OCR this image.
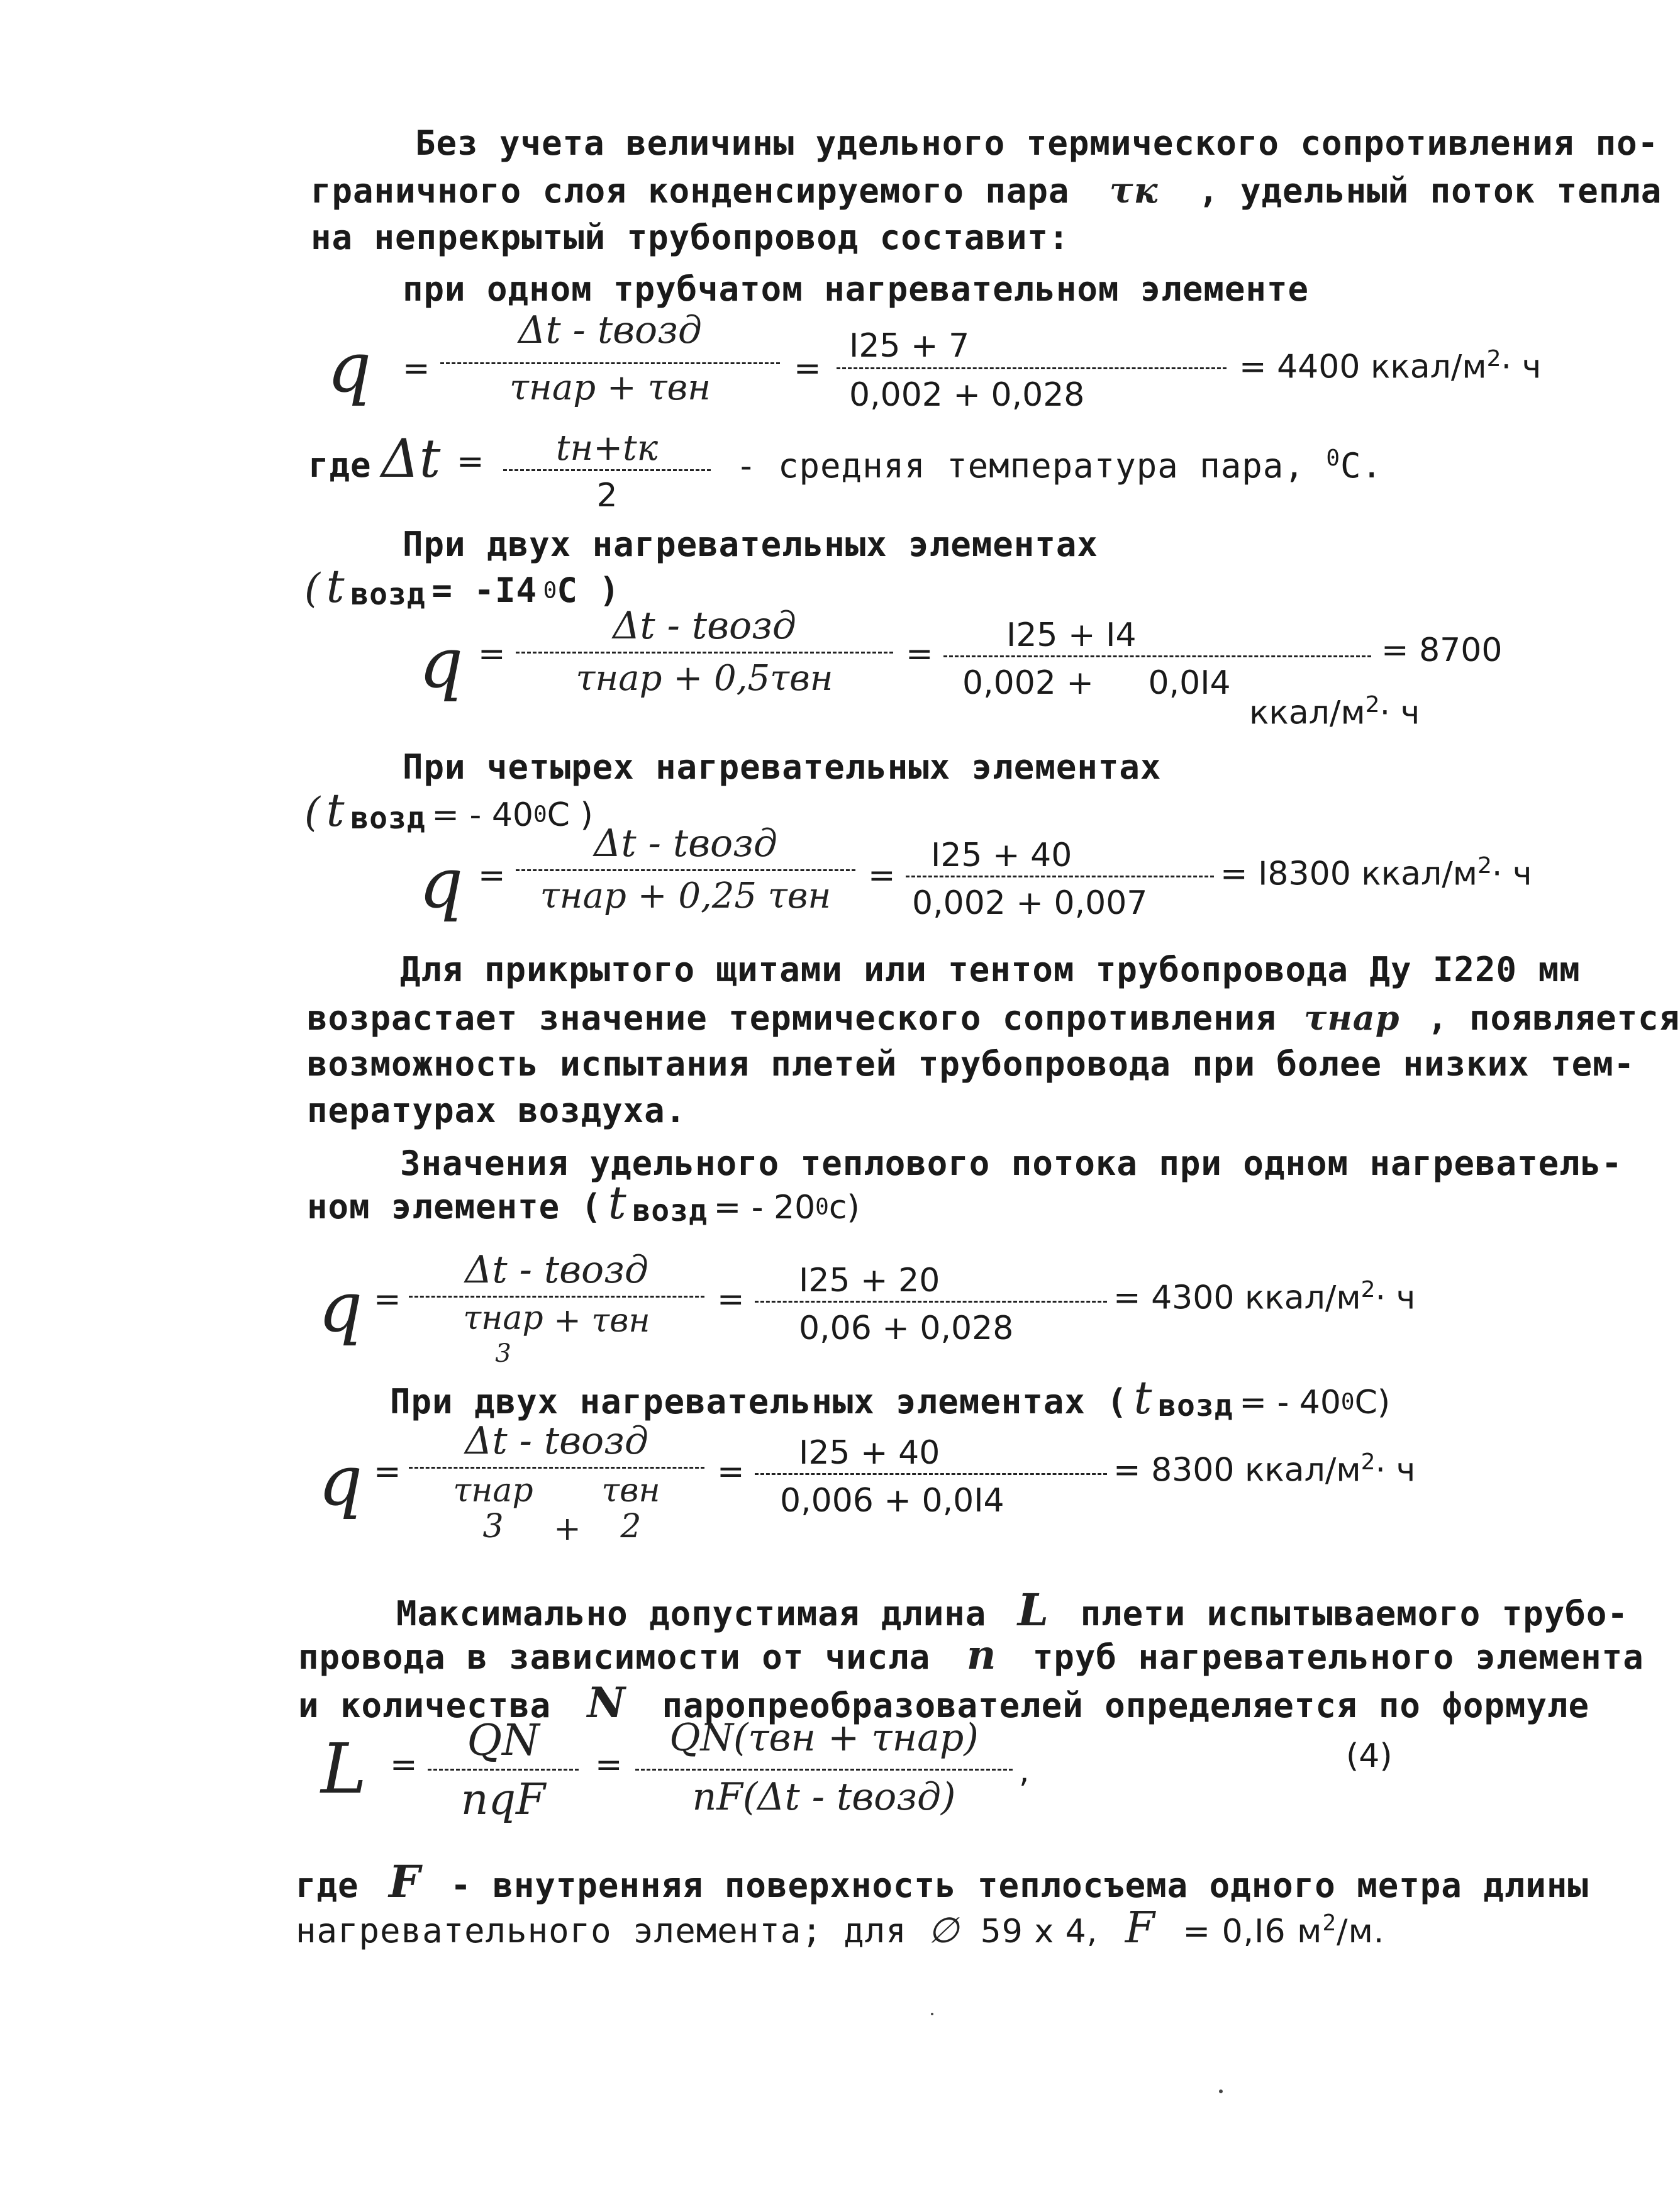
Без учета величины удельного термического сопротивления по-
граничного слоя конденсируемого пара τк , удельный поток тепла
на непрекрытый трубопровод составит:
при одном трубчатом нагревательном элементе
q =
Δt - tвозд
τнар + τвн	=
I25 + 7
0,002 + 0,028
= 4400 ккал/$м^2\cdot ч$
где Δt =	tн+tк
2
- средняя температура пара, $^0$С.
При двух нагревательных элементах
( t возд = -I4 0С )
q =
Δt - tвозд
τнар + 0,5τвн
=	I25 + I4
0,002 + 0,0I4
= 8700
ккал/$м^2\cdot ч$
При четырех нагревательных элементах
( t возд = - 400С )
q =
Δt - tвозд
τнар + 0,25 τвн	=
I25 + 40
0,002 + 0,007
= I8300 ккал/$м^2\cdot ч$
Для прикрытого щитами или тентом трубопровода Ду I220 мм
возрастает значение термического сопротивления τнар , появляется
возможность испытания плетей трубопровода при более низких тем-
пературах воздуха.
Значения удельного теплового потока при одном нагреватель-
ном элементе ( t возд = - 200с)
q =
Δt - tвозд
τнар
3 + τвн
=	I25 + 20
0,06 + 0,028
= 4300 ккал/$м^2\cdot ч$
При двух нагревательных элементах ( t возд = - 400С)
q =
Δt - tвозд
τнар
3 + τвн
2
=	I25 + 40
0,006 + 0,0I4
= 8300 ккал/$м^2\cdot ч$
Максимально допустимая длина L плети испытываемого трубо-
провода в зависимости от числа n труб нагревательного элемента
и количества N паропреобразователей определяется по формуле
L =	QN
nqF
=
QN(τвн + τнар)
nF(Δt - tвозд)
,	(4)
где F - внутренняя поверхность теплосъема одного метра длины
нагревательного элемента; для ∅ 59 x 4, F = 0,I6 $м^2/м$.
